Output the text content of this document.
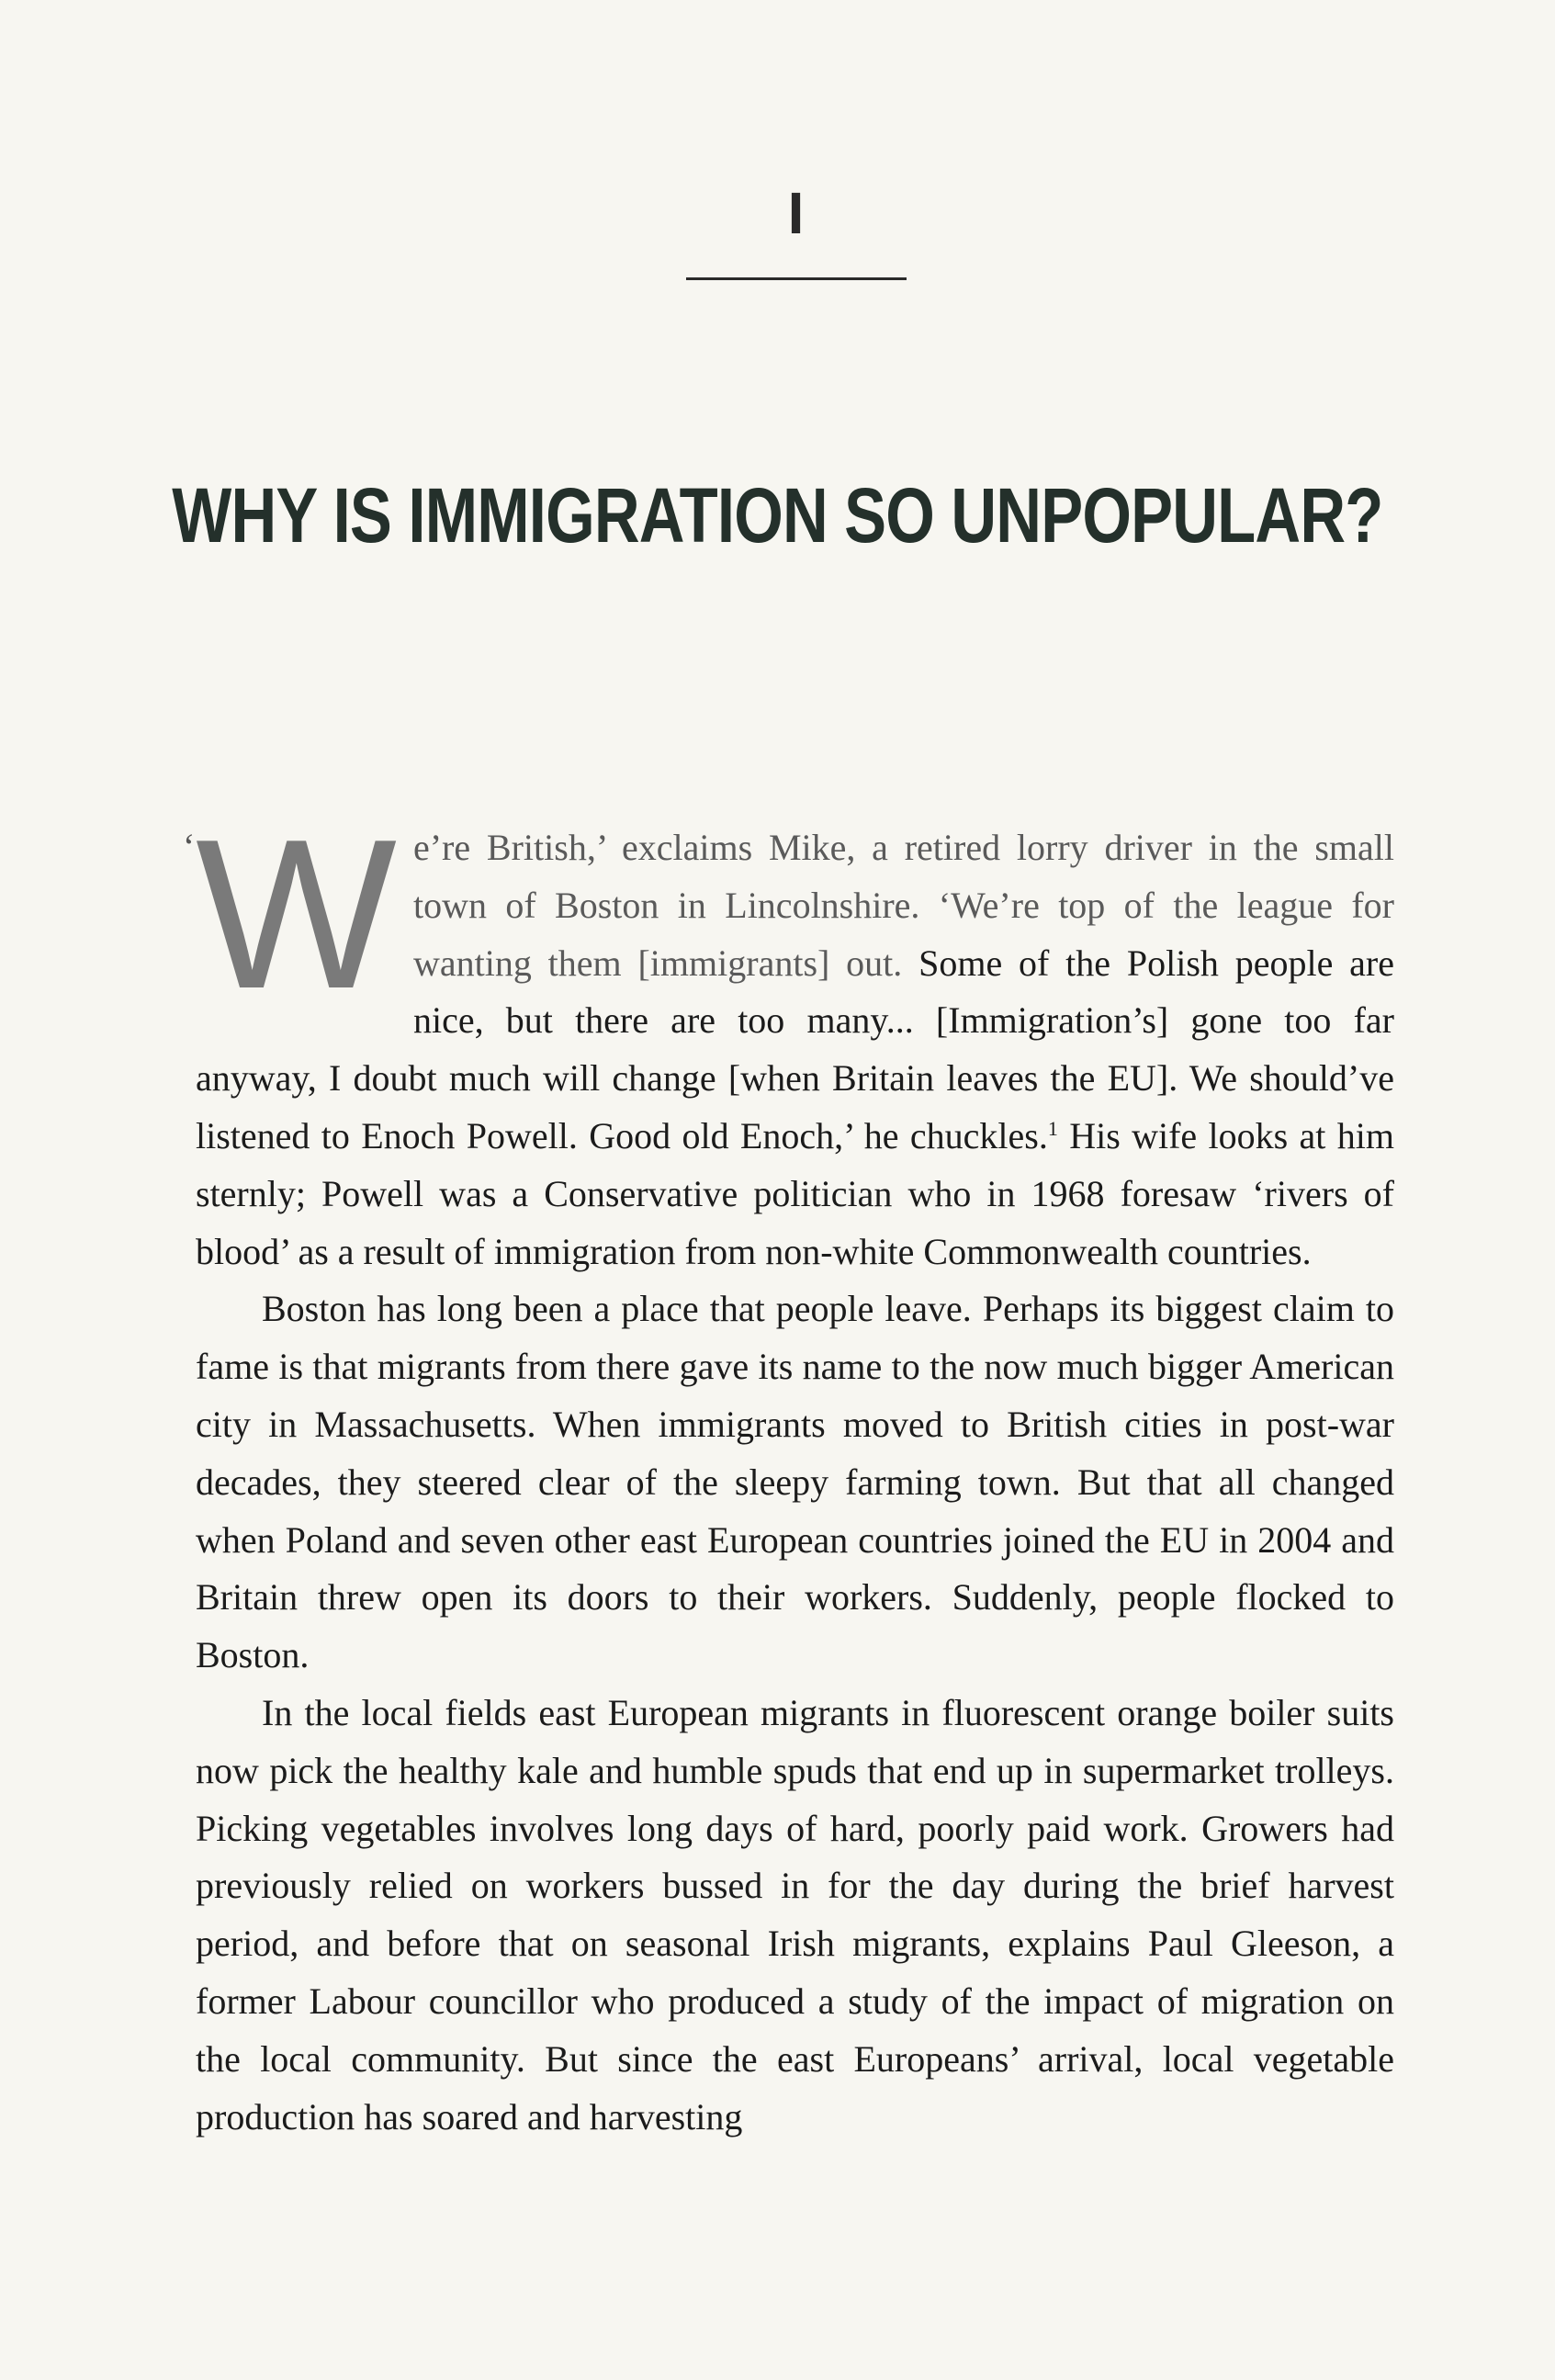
I
WHY IS IMMIGRATION SO UNPOPULAR?

‘ W e’re British,’ exclaims Mike, a retired lorry driver in the small town of Boston in Lincolnshire. ‘We’re top of the league for wanting them [immigrants] out. Some of the Polish people are nice, but there are too many... [Immigration’s] gone too far anyway, I doubt much will change [when Britain leaves the EU]. We should’ve listened to Enoch Powell. Good old Enoch,’ he chuckles.$^1$ His wife looks at him sternly; Powell was a Conservative politician who in 1968 foresaw ‘rivers of blood’ as a result of immigration from non-white Commonwealth countries.

Boston has long been a place that people leave. Perhaps its biggest claim to fame is that migrants from there gave its name to the now much bigger American city in Massachusetts. When immigrants moved to British cities in post-war decades, they steered clear of the sleepy farming town. But that all changed when Poland and seven other east European countries joined the EU in 2004 and Britain threw open its doors to their workers. Suddenly, people flocked to Boston.

In the local fields east European migrants in fluorescent orange boiler suits now pick the healthy kale and humble spuds that end up in supermarket trolleys. Picking vegetables involves long days of hard, poorly paid work. Growers had previously relied on workers bussed in for the day during the brief harvest period, and before that on seasonal Irish migrants, explains Paul Gleeson, a former Labour councillor who produced a study of the impact of migration on the local community. But since the east Europeans’ arrival, local vegetable production has soared and harvesting
